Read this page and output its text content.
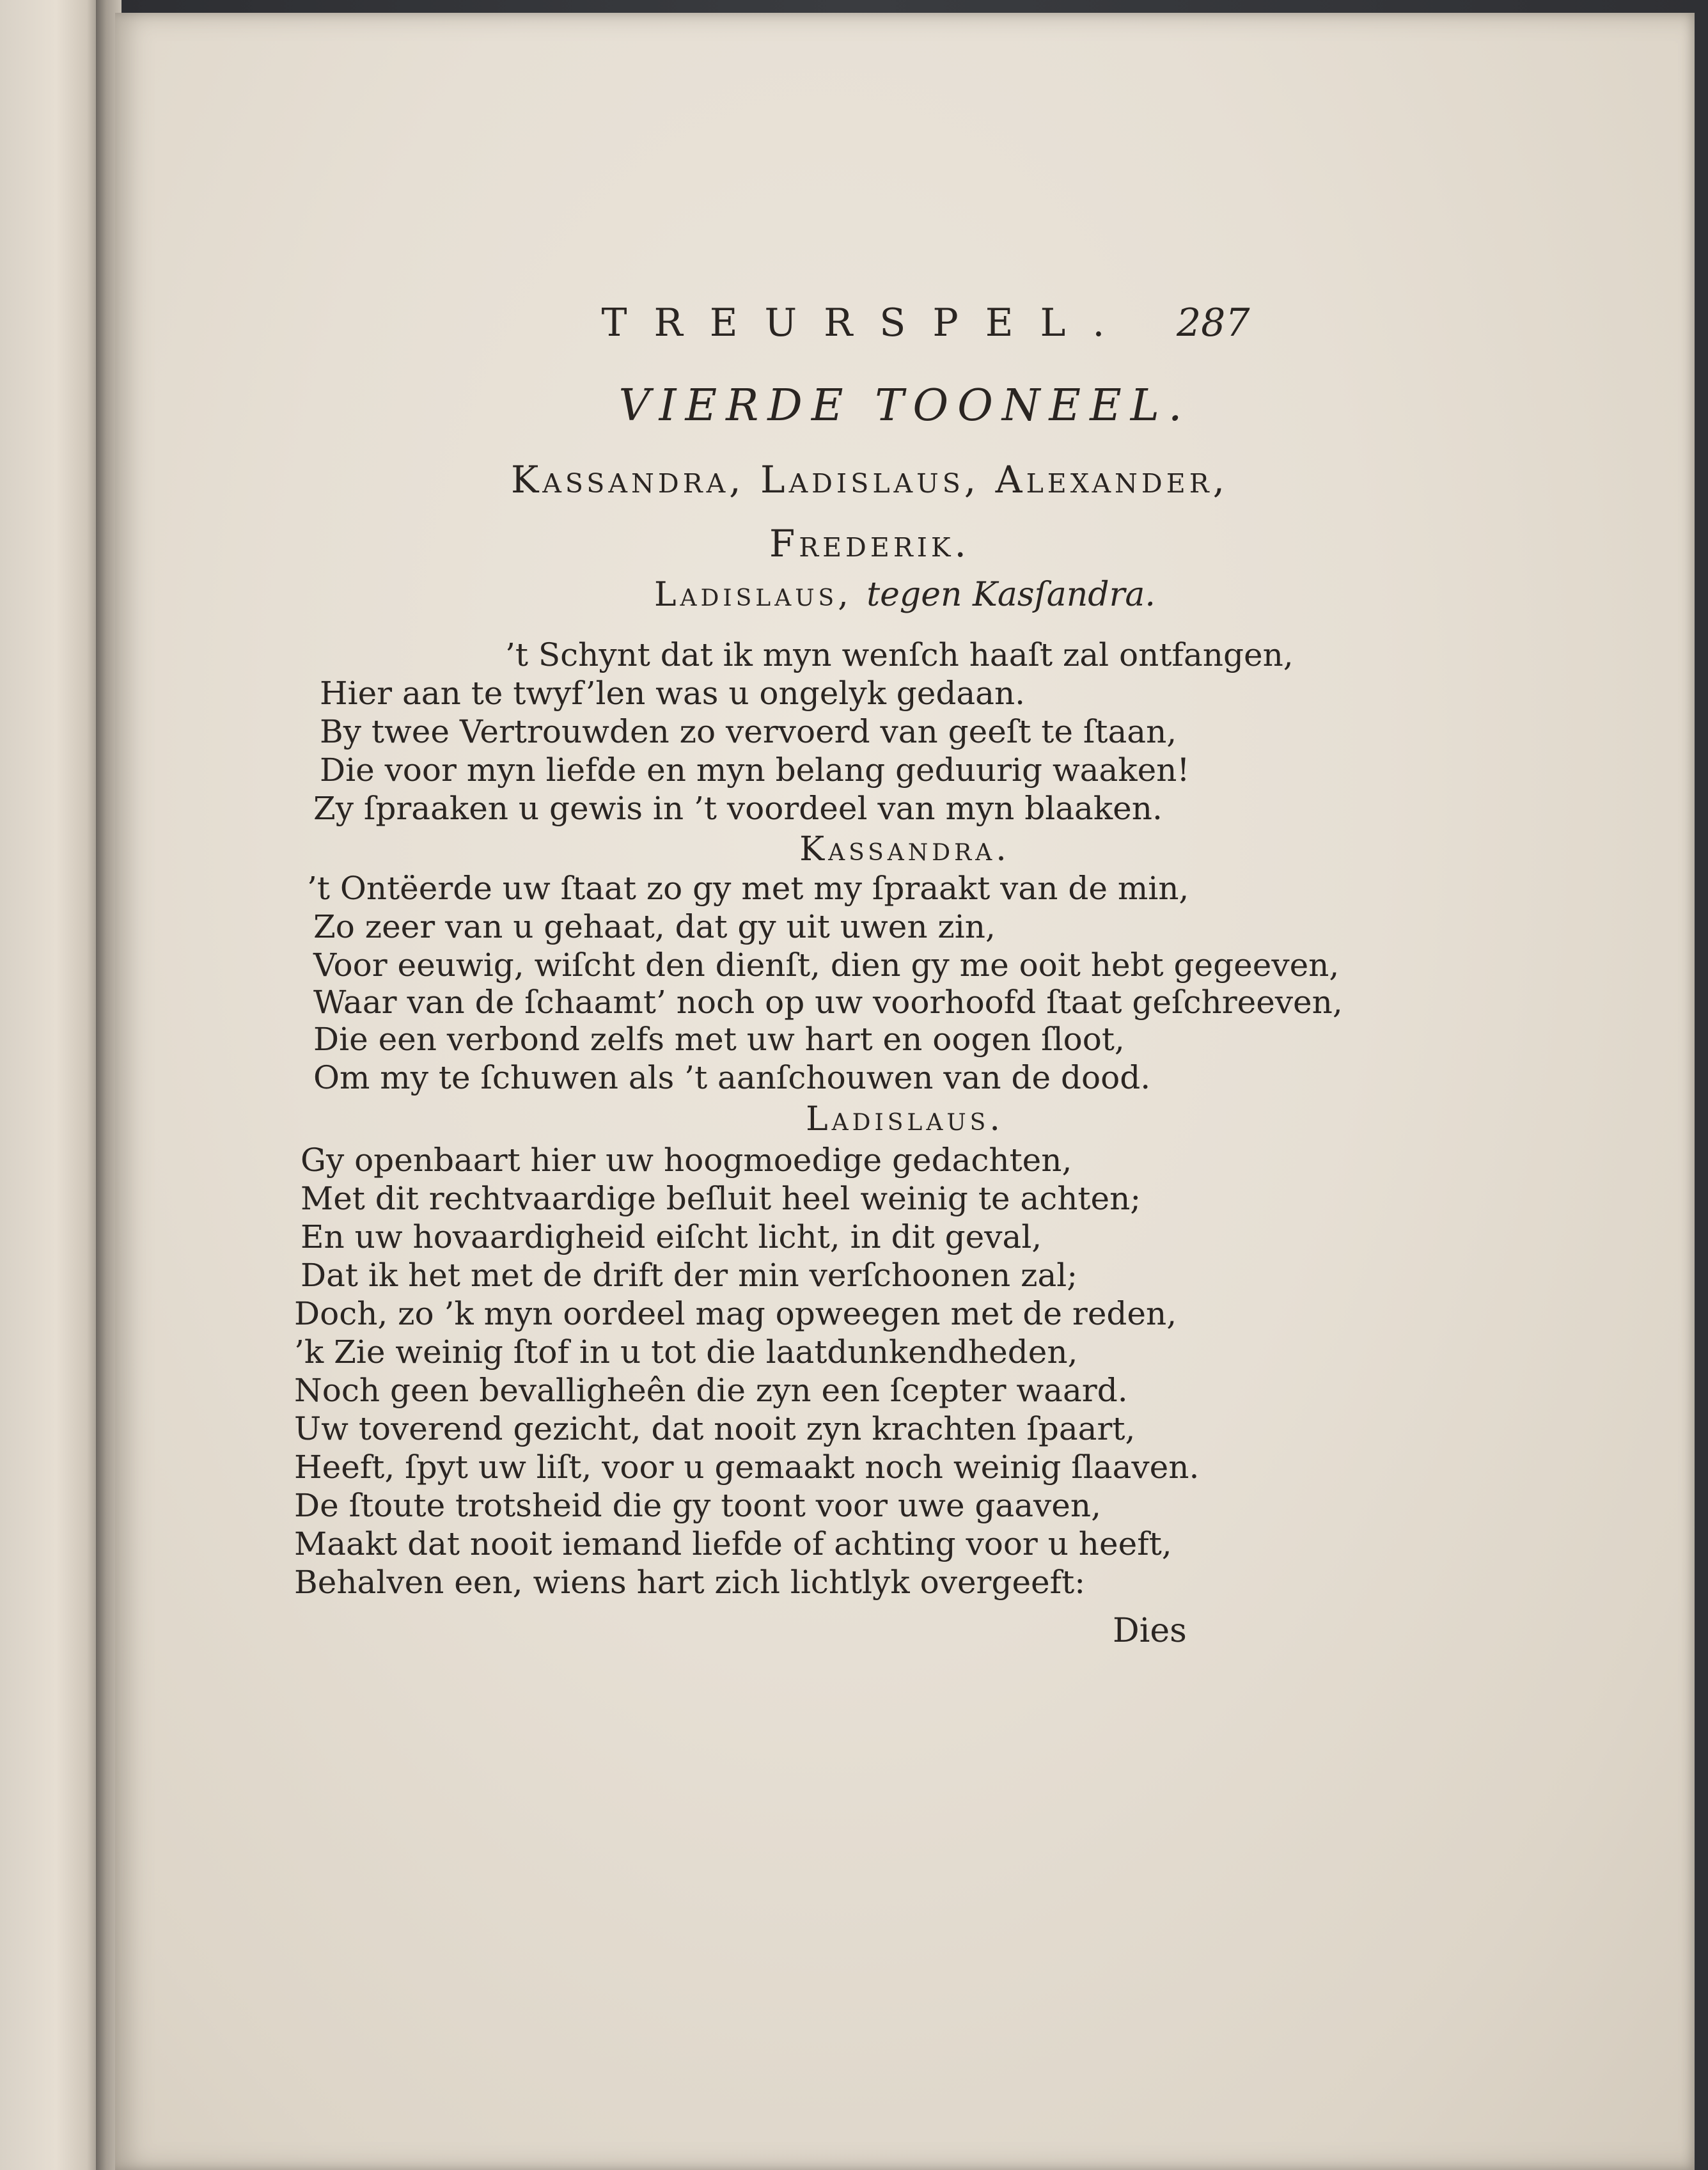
TREURSPEL.	287
VIERDE TOONEEL.
Kassandra, Ladislaus, Alexander,
Frederik.
Ladislaus, tegen Kasſandra.
’t Schynt dat ik myn wenſch haaſt zal ontfangen,
Hier aan te twyf’len was u ongelyk gedaan.
By twee Vertrouwden zo vervoerd van geeſt te ſtaan,
Die voor myn liefde en myn belang geduurig waaken!
Zy ſpraaken u gewis in ’t voordeel van myn blaaken.
Kassandra.
’t Ontëerde uw ſtaat zo gy met my ſpraakt van de min,
Zo zeer van u gehaat, dat gy uit uwen zin,
Voor eeuwig, wiſcht den dienſt, dien gy me ooit hebt gegeeven,
Waar van de ſchaamt’ noch op uw voorhoofd ſtaat geſchreeven,
Die een verbond zelfs met uw hart en oogen ſloot,
Om my te ſchuwen als ’t aanſchouwen van de dood.
Ladislaus.
Gy openbaart hier uw hoogmoedige gedachten,
Met dit rechtvaardige beſluit heel weinig te achten;
En uw hovaardigheid eiſcht licht, in dit geval,
Dat ik het met de drift der min verſchoonen zal;
Doch, zo ’k myn oordeel mag opweegen met de reden,
’k Zie weinig ſtof in u tot die laatdunkendheden,
Noch geen bevalligheên die zyn een ſcepter waard.
Uw toverend gezicht, dat nooit zyn krachten ſpaart,
Heeft, ſpyt uw liſt, voor u gemaakt noch weinig ſlaaven.
De ſtoute trotsheid die gy toont voor uwe gaaven,
Maakt dat nooit iemand liefde of achting voor u heeft,
Behalven een, wiens hart zich lichtlyk overgeeft:
Dies
